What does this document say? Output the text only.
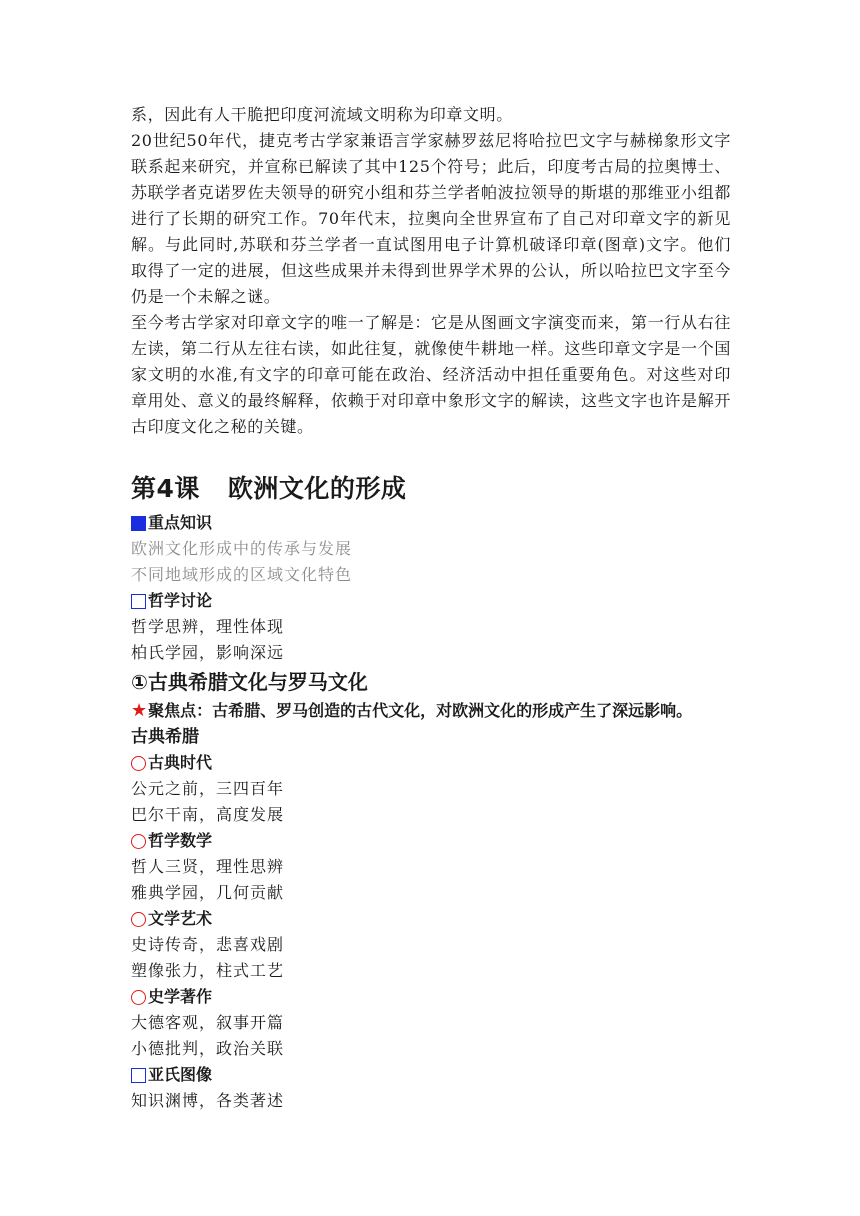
系，因此有人干脆把印度河流域文明称为印章文明。

20世纪50年代，捷克考古学家兼语言学家赫罗兹尼将哈拉巴文字与赫梯象形文字联系起来研究，并宣称已解读了其中125个符号；此后，印度考古局的拉奥博士、苏联学者克诺罗佐夫领导的研究小组和芬兰学者帕波拉领导的斯堪的那维亚小组都进行了长期的研究工作。70年代末，拉奥向全世界宣布了自己对印章文字的新见解。与此同时,苏联和芬兰学者一直试图用电子计算机破译印章(图章)文字。他们取得了一定的进展，但这些成果并未得到世界学术界的公认，所以哈拉巴文字至今仍是一个未解之谜。

至今考古学家对印章文字的唯一了解是：它是从图画文字演变而来，第一行从右往左读，第二行从左往右读，如此往复，就像使牛耕地一样。这些印章文字是一个国家文明的水准,有文字的印章可能在政治、经济活动中担任重要角色。对这些对印章用处、意义的最终解释，依赖于对印章中象形文字的解读，这些文字也许是解开古印度文化之秘的关键。

第4课 欧洲文化的形成
重点知识

欧洲文化形成中的传承与发展

不同地域形成的区域文化特色

哲学讨论

哲学思辨，理性体现

柏氏学园，影响深远

①古典希腊文化与罗马文化
★ 聚焦点：古希腊、罗马创造的古代文化，对欧洲文化的形成产生了深远影响。
古典希腊
古典时代

公元之前，三四百年

巴尔干南，高度发展

哲学数学

哲人三贤，理性思辨

雅典学园，几何贡献

文学艺术

史诗传奇，悲喜戏剧

塑像张力，柱式工艺

史学著作

大德客观，叙事开篇

小德批判，政治关联

亚氏图像

知识渊博，各类著述
